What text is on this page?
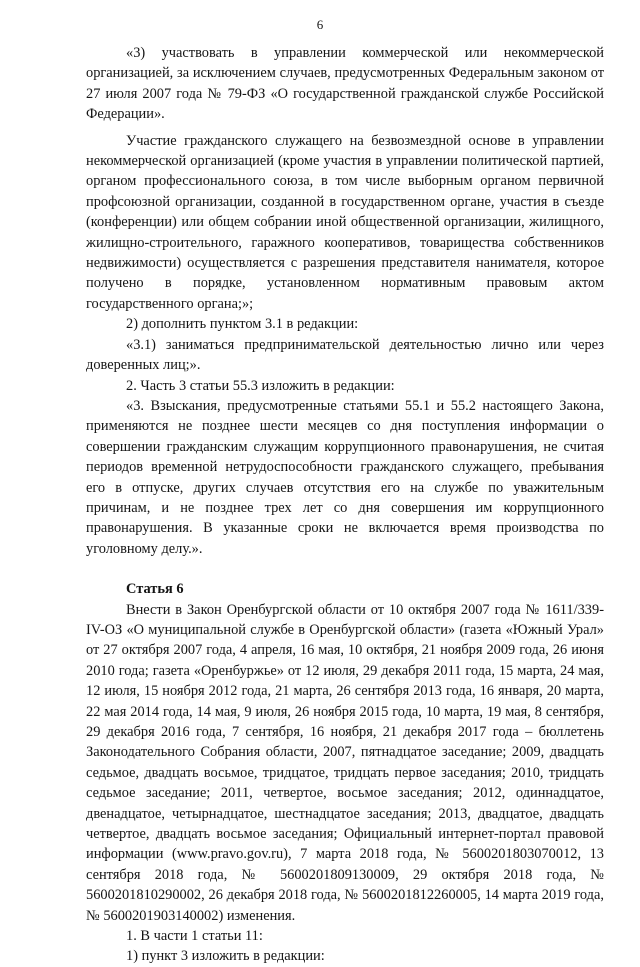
6

«3) участвовать в управлении коммерческой или некоммерческой организацией, за исключением случаев, предусмотренных Федеральным законом от 27 июля 2007 года № 79-ФЗ «О государственной гражданской службе Российской Федерации».

Участие гражданского служащего на безвозмездной основе в управлении некоммерческой организацией (кроме участия в управлении политической партией, органом профессионального союза, в том числе выборным органом первичной профсоюзной организации, созданной в государственном органе, участия в съезде (конференции) или общем собрании иной общественной организации, жилищного, жилищно-строительного, гаражного кооперативов, товарищества собственников недвижимости) осуществляется с разрешения представителя нанимателя, которое получено в порядке, установленном нормативным правовым актом государственного органа;»;

2) дополнить пунктом 3.1 в редакции:

«3.1) заниматься предпринимательской деятельностью лично или через доверенных лиц;».

2. Часть 3 статьи 55.3 изложить в редакции:

«3. Взыскания, предусмотренные статьями 55.1 и 55.2 настоящего Закона, применяются не позднее шести месяцев со дня поступления информации о совершении гражданским служащим коррупционного правонарушения, не считая периодов временной нетрудоспособности гражданского служащего, пребывания его в отпуске, других случаев отсутствия его на службе по уважительным причинам, и не позднее трех лет со дня совершения им коррупционного правонарушения. В указанные сроки не включается время производства по уголовному делу.».

Статья 6

Внести в Закон Оренбургской области от 10 октября 2007 года № 1611/339-IV-ОЗ «О муниципальной службе в Оренбургской области» (газета «Южный Урал» от 27 октября 2007 года, 4 апреля, 16 мая, 10 октября, 21 ноября 2009 года, 26 июня 2010 года; газета «Оренбуржье» от 12 июля, 29 декабря 2011 года, 15 марта, 24 мая, 12 июля, 15 ноября 2012 года, 21 марта, 26 сентября 2013 года, 16 января, 20 марта, 22 мая 2014 года, 14 мая, 9 июля, 26 ноября 2015 года, 10 марта, 19 мая, 8 сентября, 29 декабря 2016 года, 7 сентября, 16 ноября, 21 декабря 2017 года – бюллетень Законодательного Собрания области, 2007, пятнадцатое заседание; 2009, двадцать седьмое, двадцать восьмое, тридцатое, тридцать первое заседания; 2010, тридцать седьмое заседание; 2011, четвертое, восьмое заседания; 2012, одиннадцатое, двенадцатое, четырнадцатое, шестнадцатое заседания; 2013, двадцатое, двадцать четвертое, двадцать восьмое заседания; Официальный интернет-портал правовой информации (www.pravo.gov.ru), 7 марта 2018 года, № 5600201803070012, 13 сентября 2018 года, № 5600201809130009, 29 октября 2018 года, № 5600201810290002, 26 декабря 2018 года, № 5600201812260005, 14 марта 2019 года, № 5600201903140002) изменения.

1. В части 1 статьи 11:

1) пункт 3 изложить в редакции:
